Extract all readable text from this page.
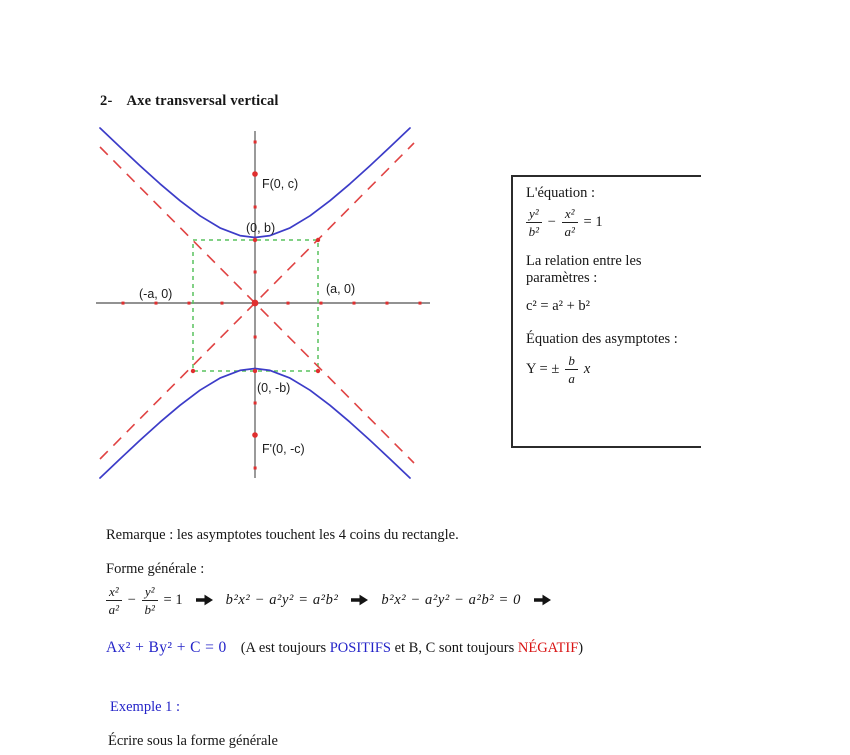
2- Axe transversal vertical
F(0, c)
(0, b)
(-a, 0)	(a, 0)
(0, -b)
F'(0, -c)
L'équation :
$\frac{\text{y²}}{\text{b²}} - \frac{\text{x²}}{\text{a²}} = 1$
La relation entre les paramètres :
c² = a² + b²
Équation des asymptotes :
Y = ± $\frac{b}{a}$ x
Remarque : les asymptotes touchent les 4 coins du rectangle.
Forme générale :
$\frac{\text{x²}}{\text{a²}} - \frac{\text{y²}}{\text{b²}} = 1$	b²x² − a²y² = a²b²	b²x² − a²y² − a²b² = 0
Ax² + By² + C = 0 (A est toujours POSITIFS et B, C sont toujours NÉGATIF)
Exemple 1 :
Écrire sous la forme générale
